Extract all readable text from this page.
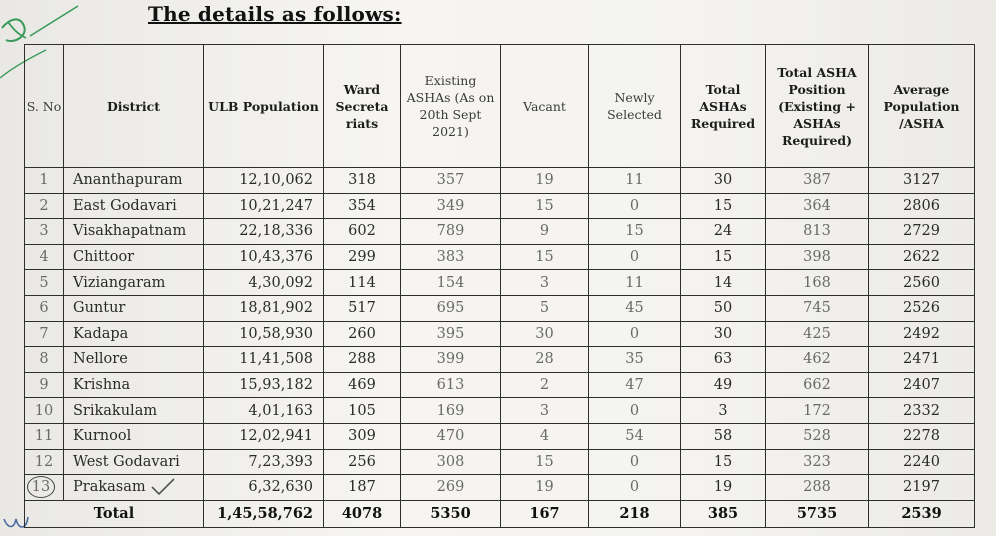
The details as follows:
S. No	District	ULB Population	Ward Secreta riats	Existing ASHAs (As on 20th Sept 2021)	Vacant	Newly Selected	Total ASHAs Required	Total ASHA Position (Existing + ASHAs Required)	Average Population /ASHA
1	Ananthapuram	12,10,062	318	357	19	11	30	387	3127
2	East Godavari	10,21,247	354	349	15	0	15	364	2806
3	Visakhapatnam	22,18,336	602	789	9	15	24	813	2729
4	Chittoor	10,43,376	299	383	15	0	15	398	2622
5	Viziangaram	4,30,092	114	154	3	11	14	168	2560
6	Guntur	18,81,902	517	695	5	45	50	745	2526
7	Kadapa	10,58,930	260	395	30	0	30	425	2492
8	Nellore	11,41,508	288	399	28	35	63	462	2471
9	Krishna	15,93,182	469	613	2	47	49	662	2407
10	Srikakulam	4,01,163	105	169	3	0	3	172	2332
11	Kurnool	12,02,941	309	470	4	54	58	528	2278
12	West Godavari	7,23,393	256	308	15	0	15	323	2240
13	Prakasam	6,32,630	187	269	19	0	19	288	2197
Total		1,45,58,762	4078	5350	167	218	385	5735	2539
